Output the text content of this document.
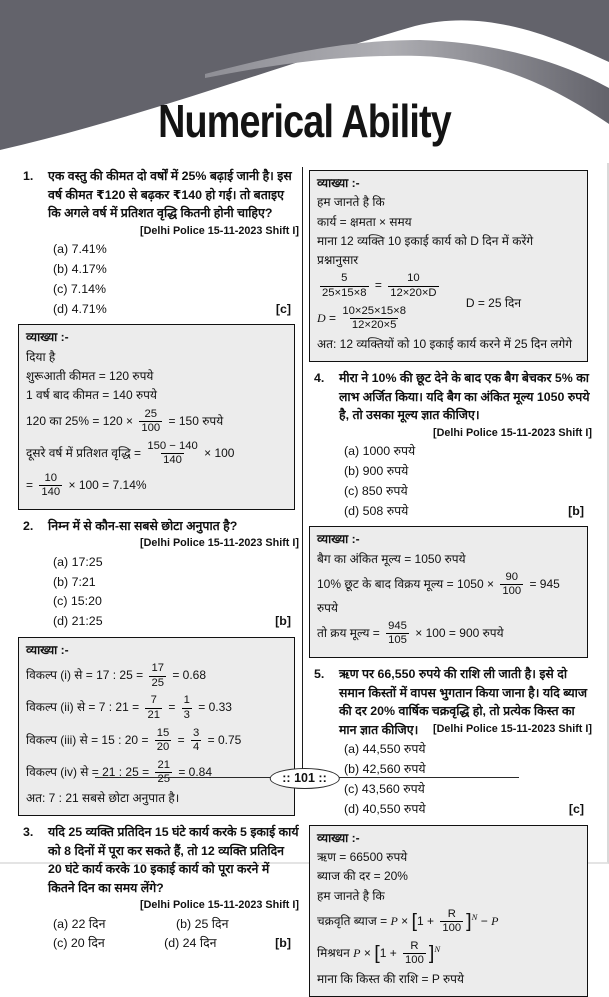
Numerical Ability
1.	एक वस्तु की कीमत दो वर्षों में 25% बढ़ाई जानी है। इस वर्ष कीमत ₹120 से बढ़कर ₹140 हो गई। तो बताइए कि अगले वर्ष में प्रतिशत वृद्धि कितनी होनी चाहिए?
[Delhi Police 15-11-2023 Shift I]
(a) 7.41%
(b) 4.17%
(c) 7.14%
(d) 4.71%	[c]
व्याख्या :-
दिया है
शुरूआती कीमत = 120 रुपये
1 वर्ष बाद कीमत = 140 रुपये
120 का $25\% = 120 \times \frac{25}{100} = 150$ रुपये
दूसरे वर्ष में प्रतिशत वृद्धि = $\frac{150 - 140}{140} \times 100$
= $\frac{10}{140} \times 100 = 7.14\%$
2.	निम्न में से कौन-सा सबसे छोटा अनुपात है?
[Delhi Police 15-11-2023 Shift I]
(a) 17:25
(b) 7:21
(c) 15:20
(d) 21:25	[b]
व्याख्या :-
विकल्प (i) से = 17 : $25 = \frac{17}{25} = 0.68$
विकल्प (ii) से = 7 : $21 = \frac{7}{21} = \frac{1}{3} = 0.33$
विकल्प (iii) से = 15 : $20 = \frac{15}{20} = \frac{3}{4} = 0.75$
विकल्प (iv) से = 21 : $25 = \frac{21}{25} = 0.84$
अत: 7 : 21 सबसे छोटा अनुपात है।
3.	यदि 25 व्यक्ति प्रतिदिन 15 घंटे कार्य करके 5 इकाई कार्य को 8 दिनों में पूरा कर सकते हैं, तो 12 व्यक्ति प्रतिदिन 20 घंटे कार्य करके 10 इकाई कार्य को पूरा करने में कितने दिन का समय लेंगे?
[Delhi Police 15-11-2023 Shift I]
(a) 22 दिन	(b) 25 दिन
(c) 20 दिन	(d) 24 दिन	[b]
व्याख्या :-
हम जानते है कि
कार्य = क्षमता × समय
माना 12 व्यक्ति 10 इकाई कार्य को D दिन में करेंगे
प्रश्नानुसार
$\frac{5}{25\times 15\times 8} = \frac{10}{12\times 20\times D}$
$D = \frac{10\times 25\times 15\times 8}{12\times 20\times 5}$
अत: 12 व्यक्तियों को 10 इकाई कार्य करने में 25 दिन लगेगे
D = 25 दिन
4.	मीरा ने 10% की छूट देने के बाद एक बैग बेचकर 5% का लाभ अर्जित किया। यदि बैग का अंकित मूल्य 1050 रुपये है, तो उसका मूल्य ज्ञात कीजिए।
[Delhi Police 15-11-2023 Shift I]
(a) 1000 रुपये
(b) 900 रुपये
(c) 850 रुपये
(d) 508 रुपये	[b]
व्याख्या :-
बैग का अंकित मूल्य = 1050 रुपये
10% छूट के बाद विक्रय मूल्य = $1050 \times \frac{90}{100} = 945$ रुपये
तो क्रय मूल्य = $\frac{945}{105} \times 100 = 900$ रुपये
5.	ऋण पर 66,550 रुपये की राशि ली जाती है। इसे दो समान किस्तों में वापस भुगतान किया जाना है। यदि ब्याज की दर 20% वार्षिक चक्रवृद्धि हो, तो प्रत्येक किस्त का मान ज्ञात कीजिए। [Delhi Police 15-11-2023 Shift I]
(a) 44,550 रुपये
(b) 42,560 रुपये
(c) 43,560 रुपये
(d) 40,550 रुपये	[c]
व्याख्या :-
ऋण = 66500 रुपये
ब्याज की दर = 20%
हम जानते है कि
चक्रवृति ब्याज = $P \times [1 + \frac{R}{100} ]^N - P$
मिश्रधन $P \times [1 + \frac{R}{100} ]^N$
माना कि किस्त की राशि = P रुपये
:: 101 ::
